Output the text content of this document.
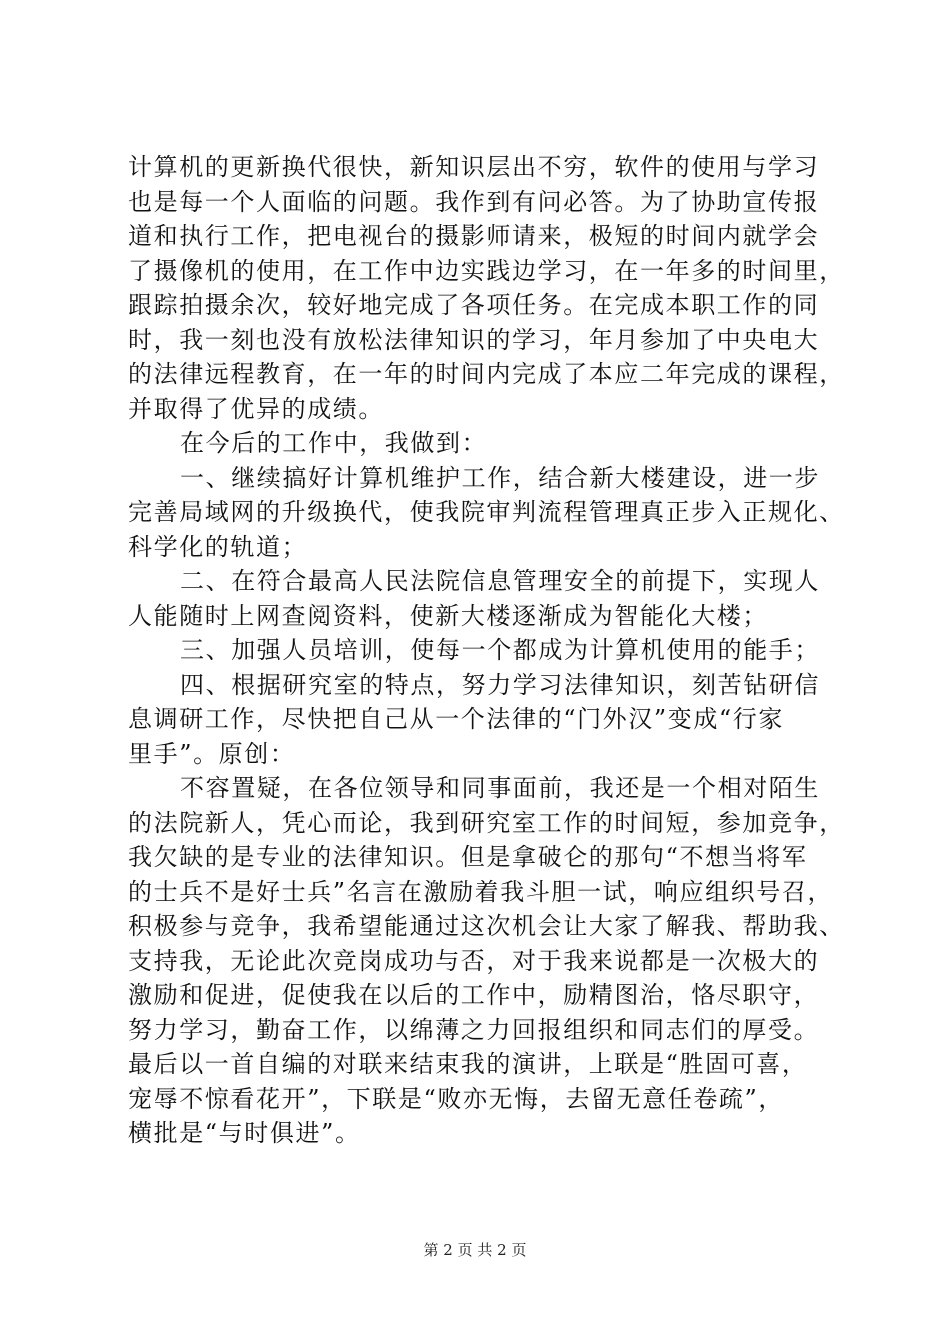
计算机的更新换代很快，新知识层出不穷，软件的使用与学习
也是每一个人面临的问题。我作到有问必答。为了协助宣传报
道和执行工作，把电视台的摄影师请来，极短的时间内就学会
了摄像机的使用，在工作中边实践边学习，在一年多的时间里，
跟踪拍摄余次，较好地完成了各项任务。在完成本职工作的同
时，我一刻也没有放松法律知识的学习，年月参加了中央电大
的法律远程教育，在一年的时间内完成了本应二年完成的课程，
并取得了优异的成绩。
在今后的工作中，我做到：
一、继续搞好计算机维护工作，结合新大楼建设，进一步
完善局域网的升级换代，使我院审判流程管理真正步入正规化、
科学化的轨道；
二、在符合最高人民法院信息管理安全的前提下，实现人
人能随时上网查阅资料，使新大楼逐渐成为智能化大楼；
三、加强人员培训，使每一个都成为计算机使用的能手；
四、根据研究室的特点，努力学习法律知识，刻苦钻研信
息调研工作，尽快把自己从一个法律的“门外汉”变成“行家
里手”。原创：
不容置疑，在各位领导和同事面前，我还是一个相对陌生
的法院新人，凭心而论，我到研究室工作的时间短，参加竞争，
我欠缺的是专业的法律知识。但是拿破仑的那句“不想当将军
的士兵不是好士兵”名言在激励着我斗胆一试，响应组织号召，
积极参与竞争，我希望能通过这次机会让大家了解我、帮助我、
支持我，无论此次竞岗成功与否，对于我来说都是一次极大的
激励和促进，促使我在以后的工作中，励精图治，恪尽职守，
努力学习，勤奋工作，以绵薄之力回报组织和同志们的厚受。
最后以一首自编的对联来结束我的演讲，上联是“胜固可喜，
宠辱不惊看花开”，下联是“败亦无悔，去留无意任卷疏”，
横批是“与时俱进”。
第 2 页 共 2 页
